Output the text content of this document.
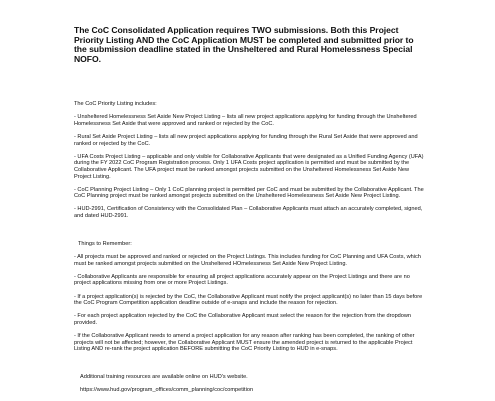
The CoC Consolidated Application requires TWO submissions. Both this Project Priority Listing AND the CoC Application MUST be completed and submitted prior to the submission deadline stated in the Unsheltered and Rural Homelessness Special NOFO.

The CoC Priority Listing includes:

- Unsheltered Homelessness Set Aside New Project Listing – lists all new project applications applying for funding through the Unsheltered Homelessness Set Aside that were approved and ranked or rejected by the CoC.

- Rural Set Aside Project Listing – lists all new project applications applying for funding through the Rural Set Aside that were approved and ranked or rejected by the CoC.

- UFA Costs Project Listing – applicable and only visible for Collaborative Applicants that were designated as a Unified Funding Agency (UFA) during the FY 2022 CoC Program Registration process. Only 1 UFA Costs project application is permitted and must be submitted by the Collaborative Applicant. The UFA project must be ranked amongst projects submitted on the Unsheltered Homelessness Set Aside New Project Listing.

- CoC Planning Project Listing – Only 1 CoC planning project is permitted per CoC and must be submitted by the Collaborative Applicant. The CoC Planning project must be ranked amongst projects submitted on the Unsheltered Homelessness Set Aside New Project Listing.

- HUD-2991, Certification of Consistency with the Consolidated Plan – Collaborative Applicants must attach an accurately completed, signed, and dated HUD-2991.

Things to Remember:

- All projects must be approved and ranked or rejected on the Project Listings. This includes funding for CoC Planning and UFA Costs, which must be ranked amongst projects submitted on the Unsheltered HOmelessness Set Aside New Project Listing.

- Collaborative Applicants are responsible for ensuring all project applications accurately appear on the Project Listings and there are no project applications missing from one or more Project Listings.

- If a project application(s) is rejected by the CoC, the Collaborative Applicant must notify the project applicant(s) no later than 15 days before the CoC Program Competition application deadline outside of e-snaps and include the reason for rejection.

- For each project application rejected by the CoC the Collaborative Applicant must select the reason for the rejection from the dropdown provided.

- If the Collaborative Applicant needs to amend a project application for any reason after ranking has been completed, the ranking of other projects will not be affected; however, the Collaborative Applicant MUST ensure the amended project is returned to the applicable Project Listing AND re-rank the project application BEFORE submitting the CoC Priority Listing to HUD in e-snaps.

Additional training resources are available online on HUD's website.

https://www.hud.gov/program_offices/comm_planning/coc/competition
